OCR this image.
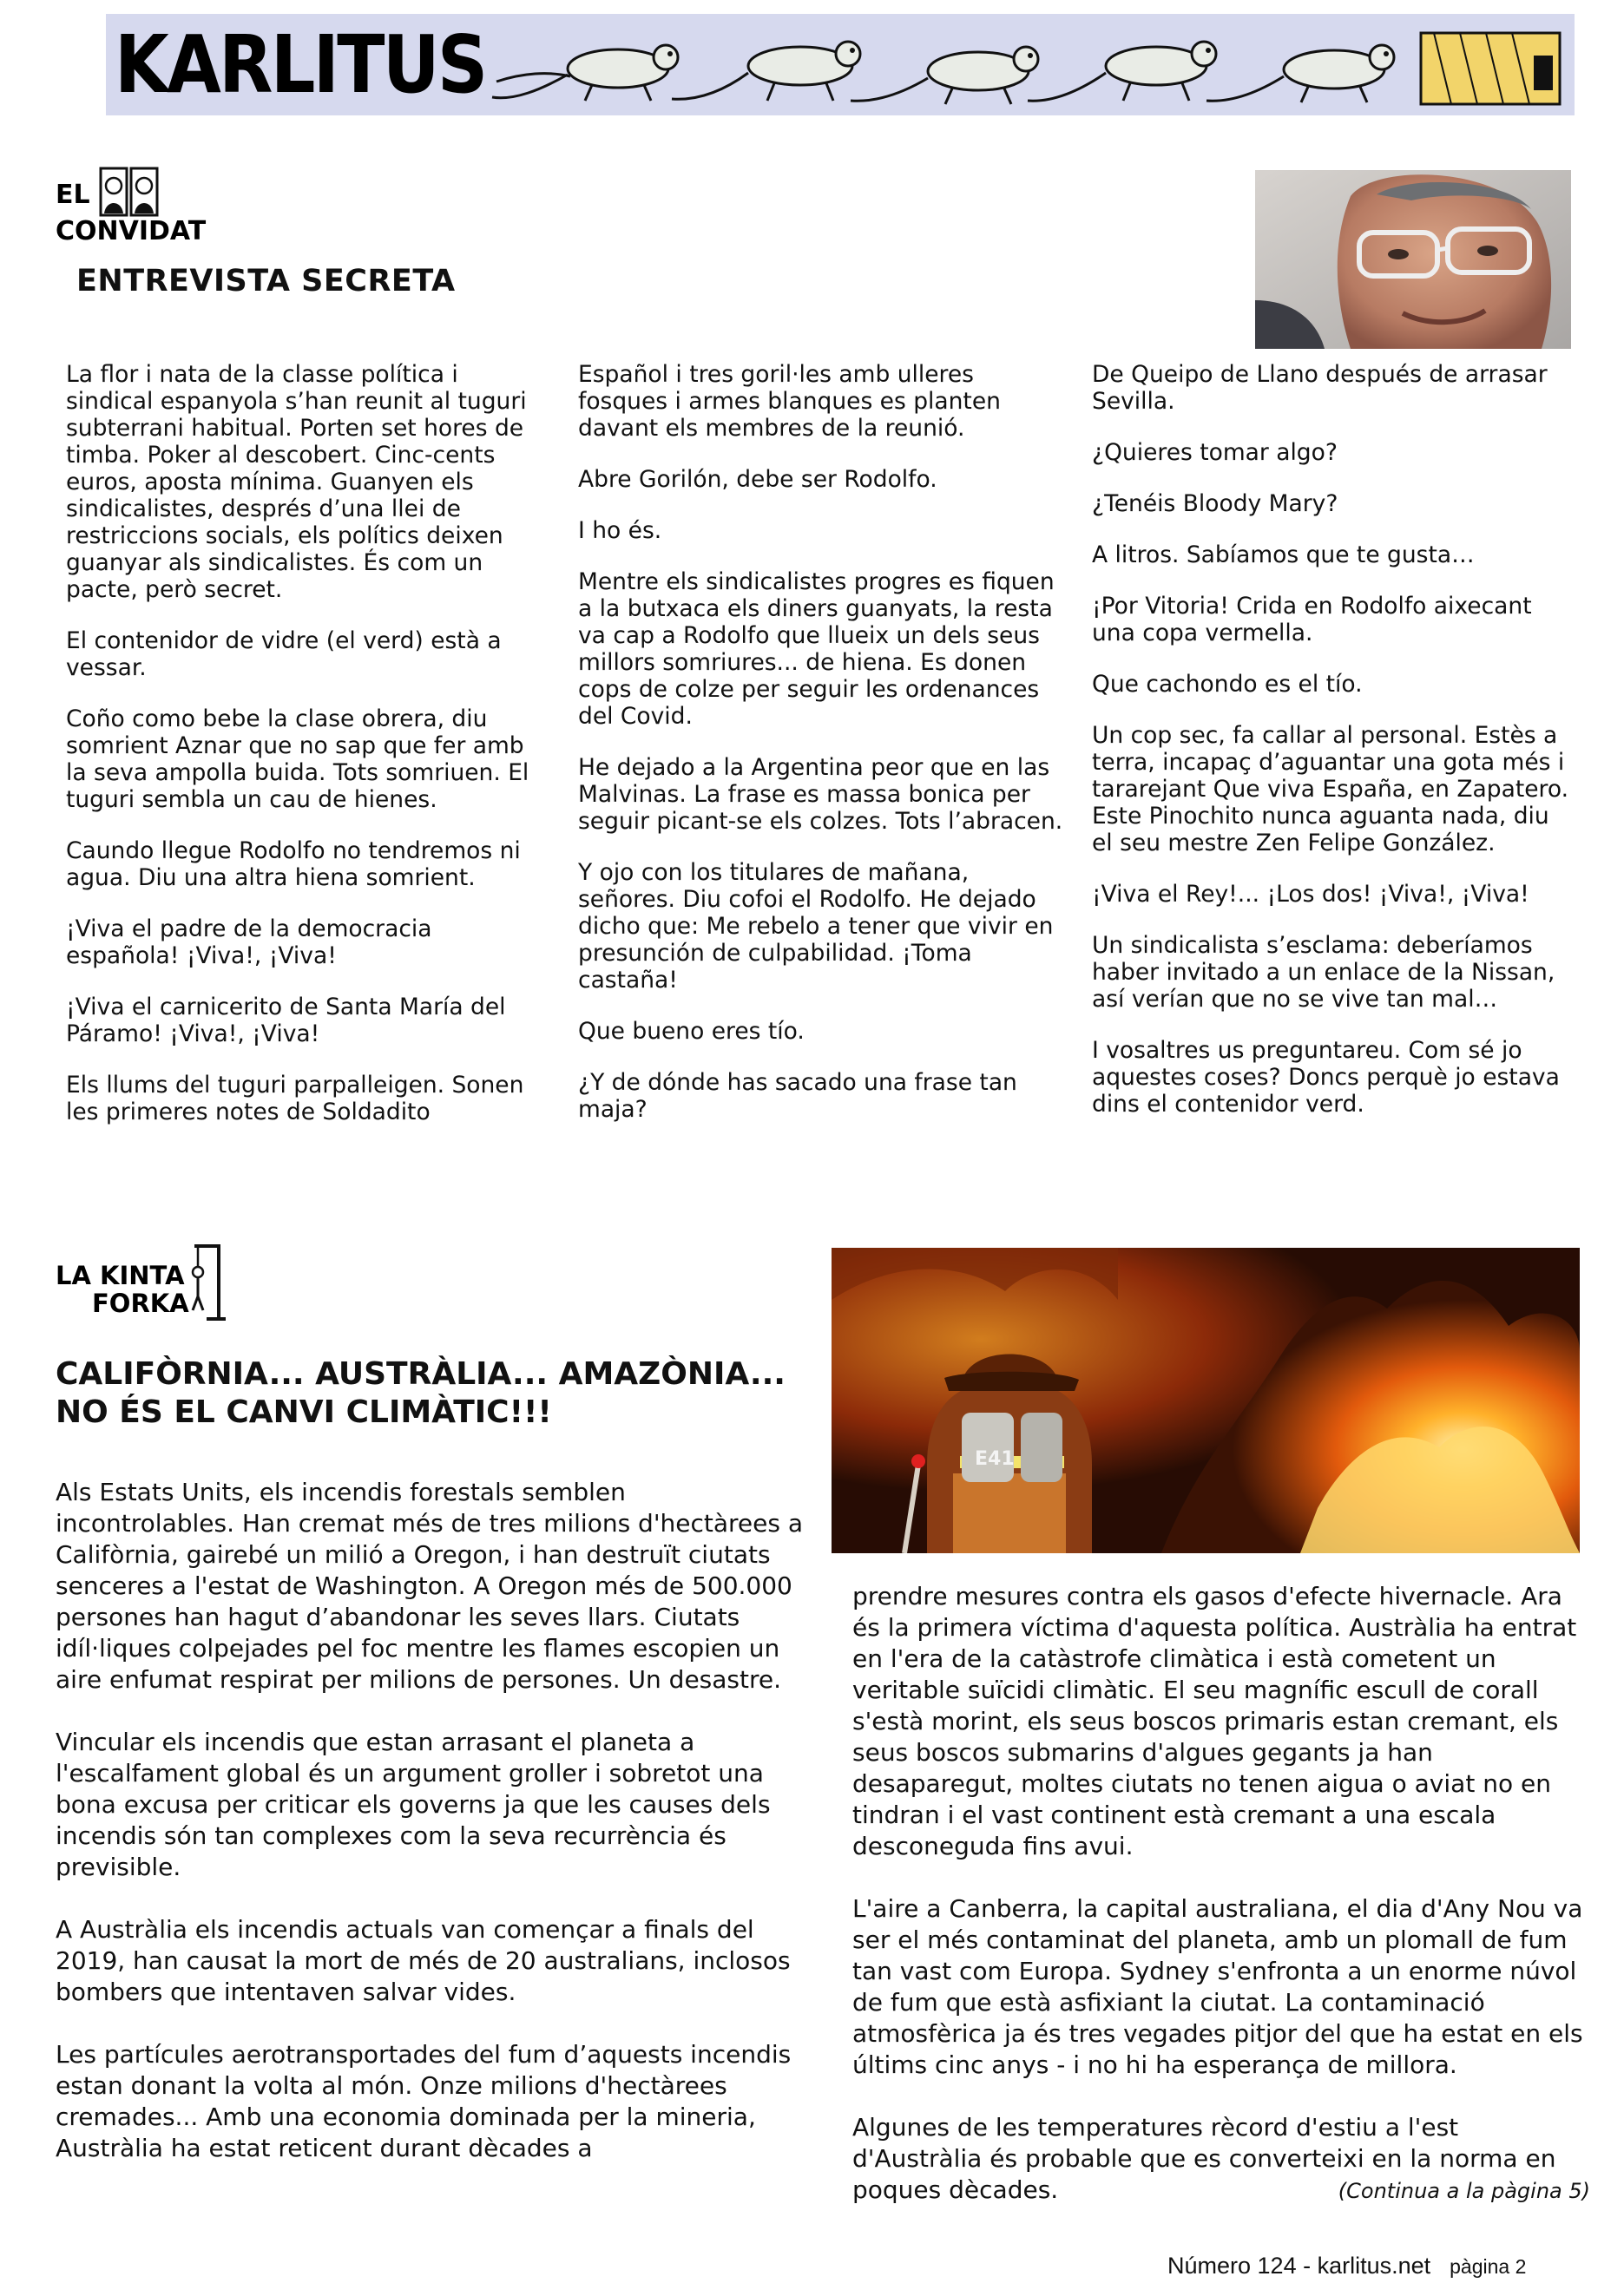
KARLITUS
EL
CONVIDAT
ENTREVISTA SECRETA

La flor i nata de la classe política i sindical espanyola s’han reunit al tuguri subterrani habitual. Porten set hores de timba. Poker al descobert. Cinc-cents euros, aposta mínima. Guanyen els sindicalistes, després d’una llei de restriccions socials, els polítics deixen guanyar als sindicalistes. És com un pacte, però secret.

El contenidor de vidre (el verd) està a vessar.

Coño como bebe la clase obrera, diu somrient Aznar que no sap que fer amb la seva ampolla buida. Tots somriuen. El tuguri sembla un cau de hienes.

Caundo llegue Rodolfo no tendremos ni agua. Diu una altra hiena somrient.

¡Viva el padre de la democracia española! ¡Viva!, ¡Viva!

¡Viva el carnicerito de Santa María del Páramo! ¡Viva!, ¡Viva!

Els llums del tuguri parpalleigen. Sonen les primeres notes de Soldadito

Español i tres goril·les amb ulleres fosques i armes blanques es planten davant els membres de la reunió.

Abre Gorilón, debe ser Rodolfo.

I ho és.

Mentre els sindicalistes progres es fiquen a la butxaca els diners guanyats, la resta va cap a Rodolfo que llueix un dels seus millors somriures... de hiena. Es donen cops de colze per seguir les ordenances del Covid.

He dejado a la Argentina peor que en las Malvinas. La frase es massa bonica per seguir picant-se els colzes. Tots l’abracen.

Y ojo con los titulares de mañana, señores. Diu cofoi el Rodolfo. He dejado dicho que: Me rebelo a tener que vivir en presunción de culpabilidad. ¡Toma castaña!

Que bueno eres tío.

¿Y de dónde has sacado una frase tan maja?

De Queipo de Llano después de arrasar Sevilla.

¿Quieres tomar algo?

¿Tenéis Bloody Mary?

A litros. Sabíamos que te gusta…

¡Por Vitoria! Crida en Rodolfo aixecant una copa vermella.

Que cachondo es el tío.

Un cop sec, fa callar al personal. Estès a terra, incapaç d’aguantar una gota més i tararejant Que viva España, en Zapatero. Este Pinochito nunca aguanta nada, diu el seu mestre Zen Felipe González.

¡Viva el Rey!... ¡Los dos! ¡Viva!, ¡Viva!

Un sindicalista s’esclama: deberíamos haber invitado a un enlace de la Nissan, así verían que no se vive tan mal…

I vosaltres us preguntareu. Com sé jo aquestes coses? Doncs perquè jo estava dins el contenidor verd.

LA KINTA
FORKA
CALIFÒRNIA... AUSTRÀLIA... AMAZÒNIA...
NO ÉS EL CANVI CLIMÀTIC!!!
E41

Als Estats Units, els incendis forestals semblen incontrolables. Han cremat més de tres milions d'hectàrees a Califòrnia, gairebé un milió a Oregon, i han destruït ciutats senceres a l'estat de Washington. A Oregon més de 500.000 persones han hagut d’abandonar les seves llars. Ciutats idíl·liques colpejades pel foc mentre les flames escopien un aire enfumat respirat per milions de persones. Un desastre.

Vincular els incendis que estan arrasant el planeta a l'escalfament global és un argument groller i sobretot una bona excusa per criticar els governs ja que les causes dels incendis són tan complexes com la seva recurrència és previsible.

A Austràlia els incendis actuals van començar a finals del 2019, han causat la mort de més de 20 australians, inclosos bombers que intentaven salvar vides.

Les partícules aerotransportades del fum d’aquests incendis estan donant la volta al món. Onze milions d'hectàrees cremades... Amb una economia dominada per la mineria, Austràlia ha estat reticent durant dècades a

prendre mesures contra els gasos d'efecte hivernacle. Ara és la primera víctima d'aquesta política. Austràlia ha entrat en l'era de la catàstrofe climàtica i està cometent un veritable suïcidi climàtic. El seu magnífic escull de corall s'està morint, els seus boscos primaris estan cremant, els seus boscos submarins d'algues gegants ja han desaparegut, moltes ciutats no tenen aigua o aviat no en tindran i el vast continent està cremant a una escala desconeguda fins avui.

L'aire a Canberra, la capital australiana, el dia d'Any Nou va ser el més contaminat del planeta, amb un plomall de fum tan vast com Europa. Sydney s'enfronta a un enorme núvol de fum que està asfixiant la ciutat. La contaminació atmosfèrica ja és tres vegades pitjor del que ha estat en els últims cinc anys - i no hi ha esperança de millora.

Algunes de les temperatures rècord d'estiu a l'est d'Austràlia és probable que es converteixi en la norma en poques dècades.	(Continua a la pàgina 5)
Número 124 - karlitus.net pàgina 2
